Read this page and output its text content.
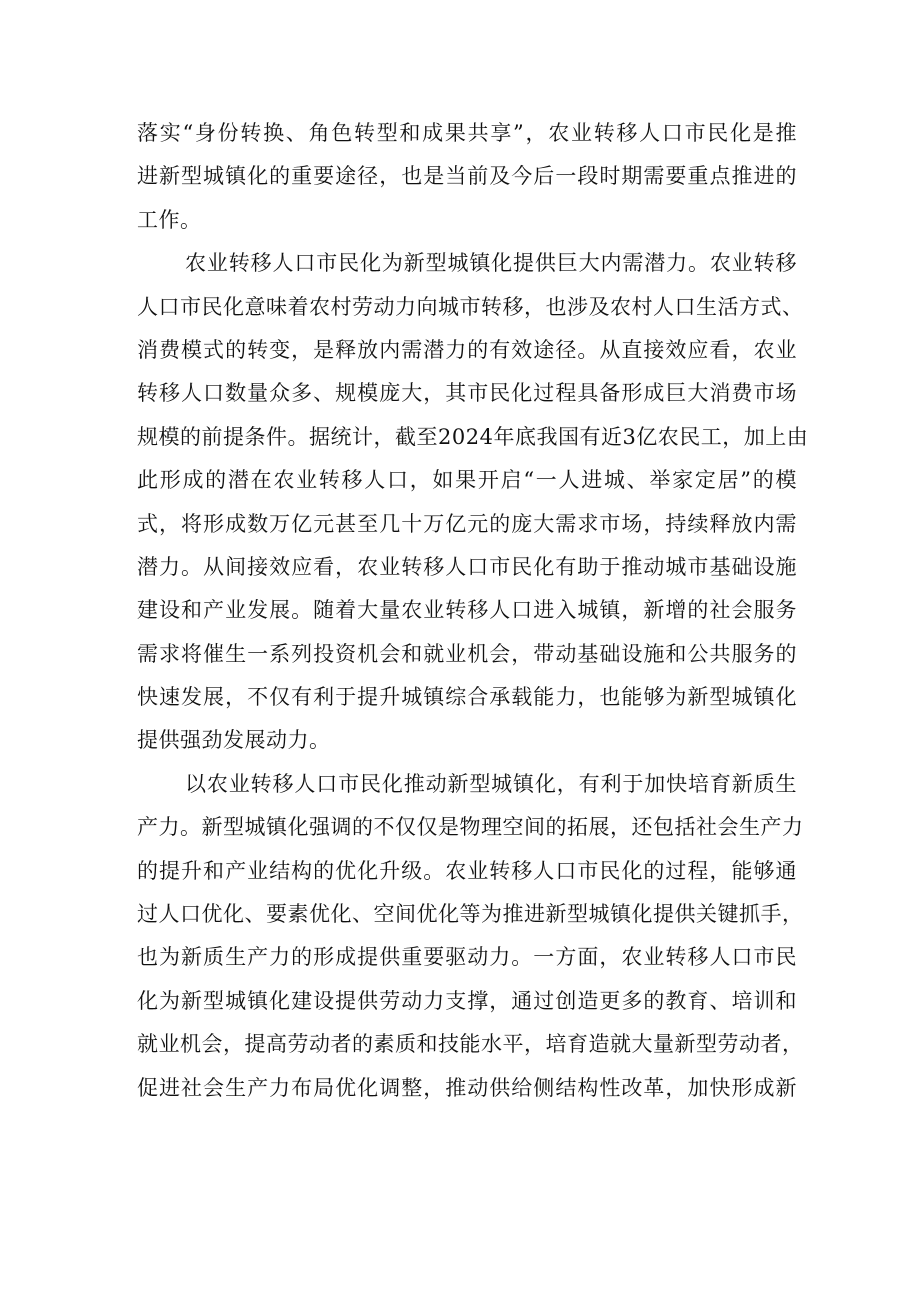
落实“身份转换、角色转型和成果共享”，农业转移人口市民化是推
进新型城镇化的重要途径，也是当前及今后一段时期需要重点推进的
工作。
农业转移人口市民化为新型城镇化提供巨大内需潜力。农业转移
人口市民化意味着农村劳动力向城市转移，也涉及农村人口生活方式、
消费模式的转变，是释放内需潜力的有效途径。从直接效应看，农业
转移人口数量众多、规模庞大，其市民化过程具备形成巨大消费市场
规模的前提条件。据统计，截至2024年底我国有近3亿农民工，加上由
此形成的潜在农业转移人口，如果开启“一人进城、举家定居”的模
式，将形成数万亿元甚至几十万亿元的庞大需求市场，持续释放内需
潜力。从间接效应看，农业转移人口市民化有助于推动城市基础设施
建设和产业发展。随着大量农业转移人口进入城镇，新增的社会服务
需求将催生一系列投资机会和就业机会，带动基础设施和公共服务的
快速发展，不仅有利于提升城镇综合承载能力，也能够为新型城镇化
提供强劲发展动力。
以农业转移人口市民化推动新型城镇化，有利于加快培育新质生
产力。新型城镇化强调的不仅仅是物理空间的拓展，还包括社会生产力
的提升和产业结构的优化升级。农业转移人口市民化的过程，能够通
过人口优化、要素优化、空间优化等为推进新型城镇化提供关键抓手，
也为新质生产力的形成提供重要驱动力。一方面，农业转移人口市民
化为新型城镇化建设提供劳动力支撑，通过创造更多的教育、培训和
就业机会，提高劳动者的素质和技能水平，培育造就大量新型劳动者，
促进社会生产力布局优化调整，推动供给侧结构性改革，加快形成新
